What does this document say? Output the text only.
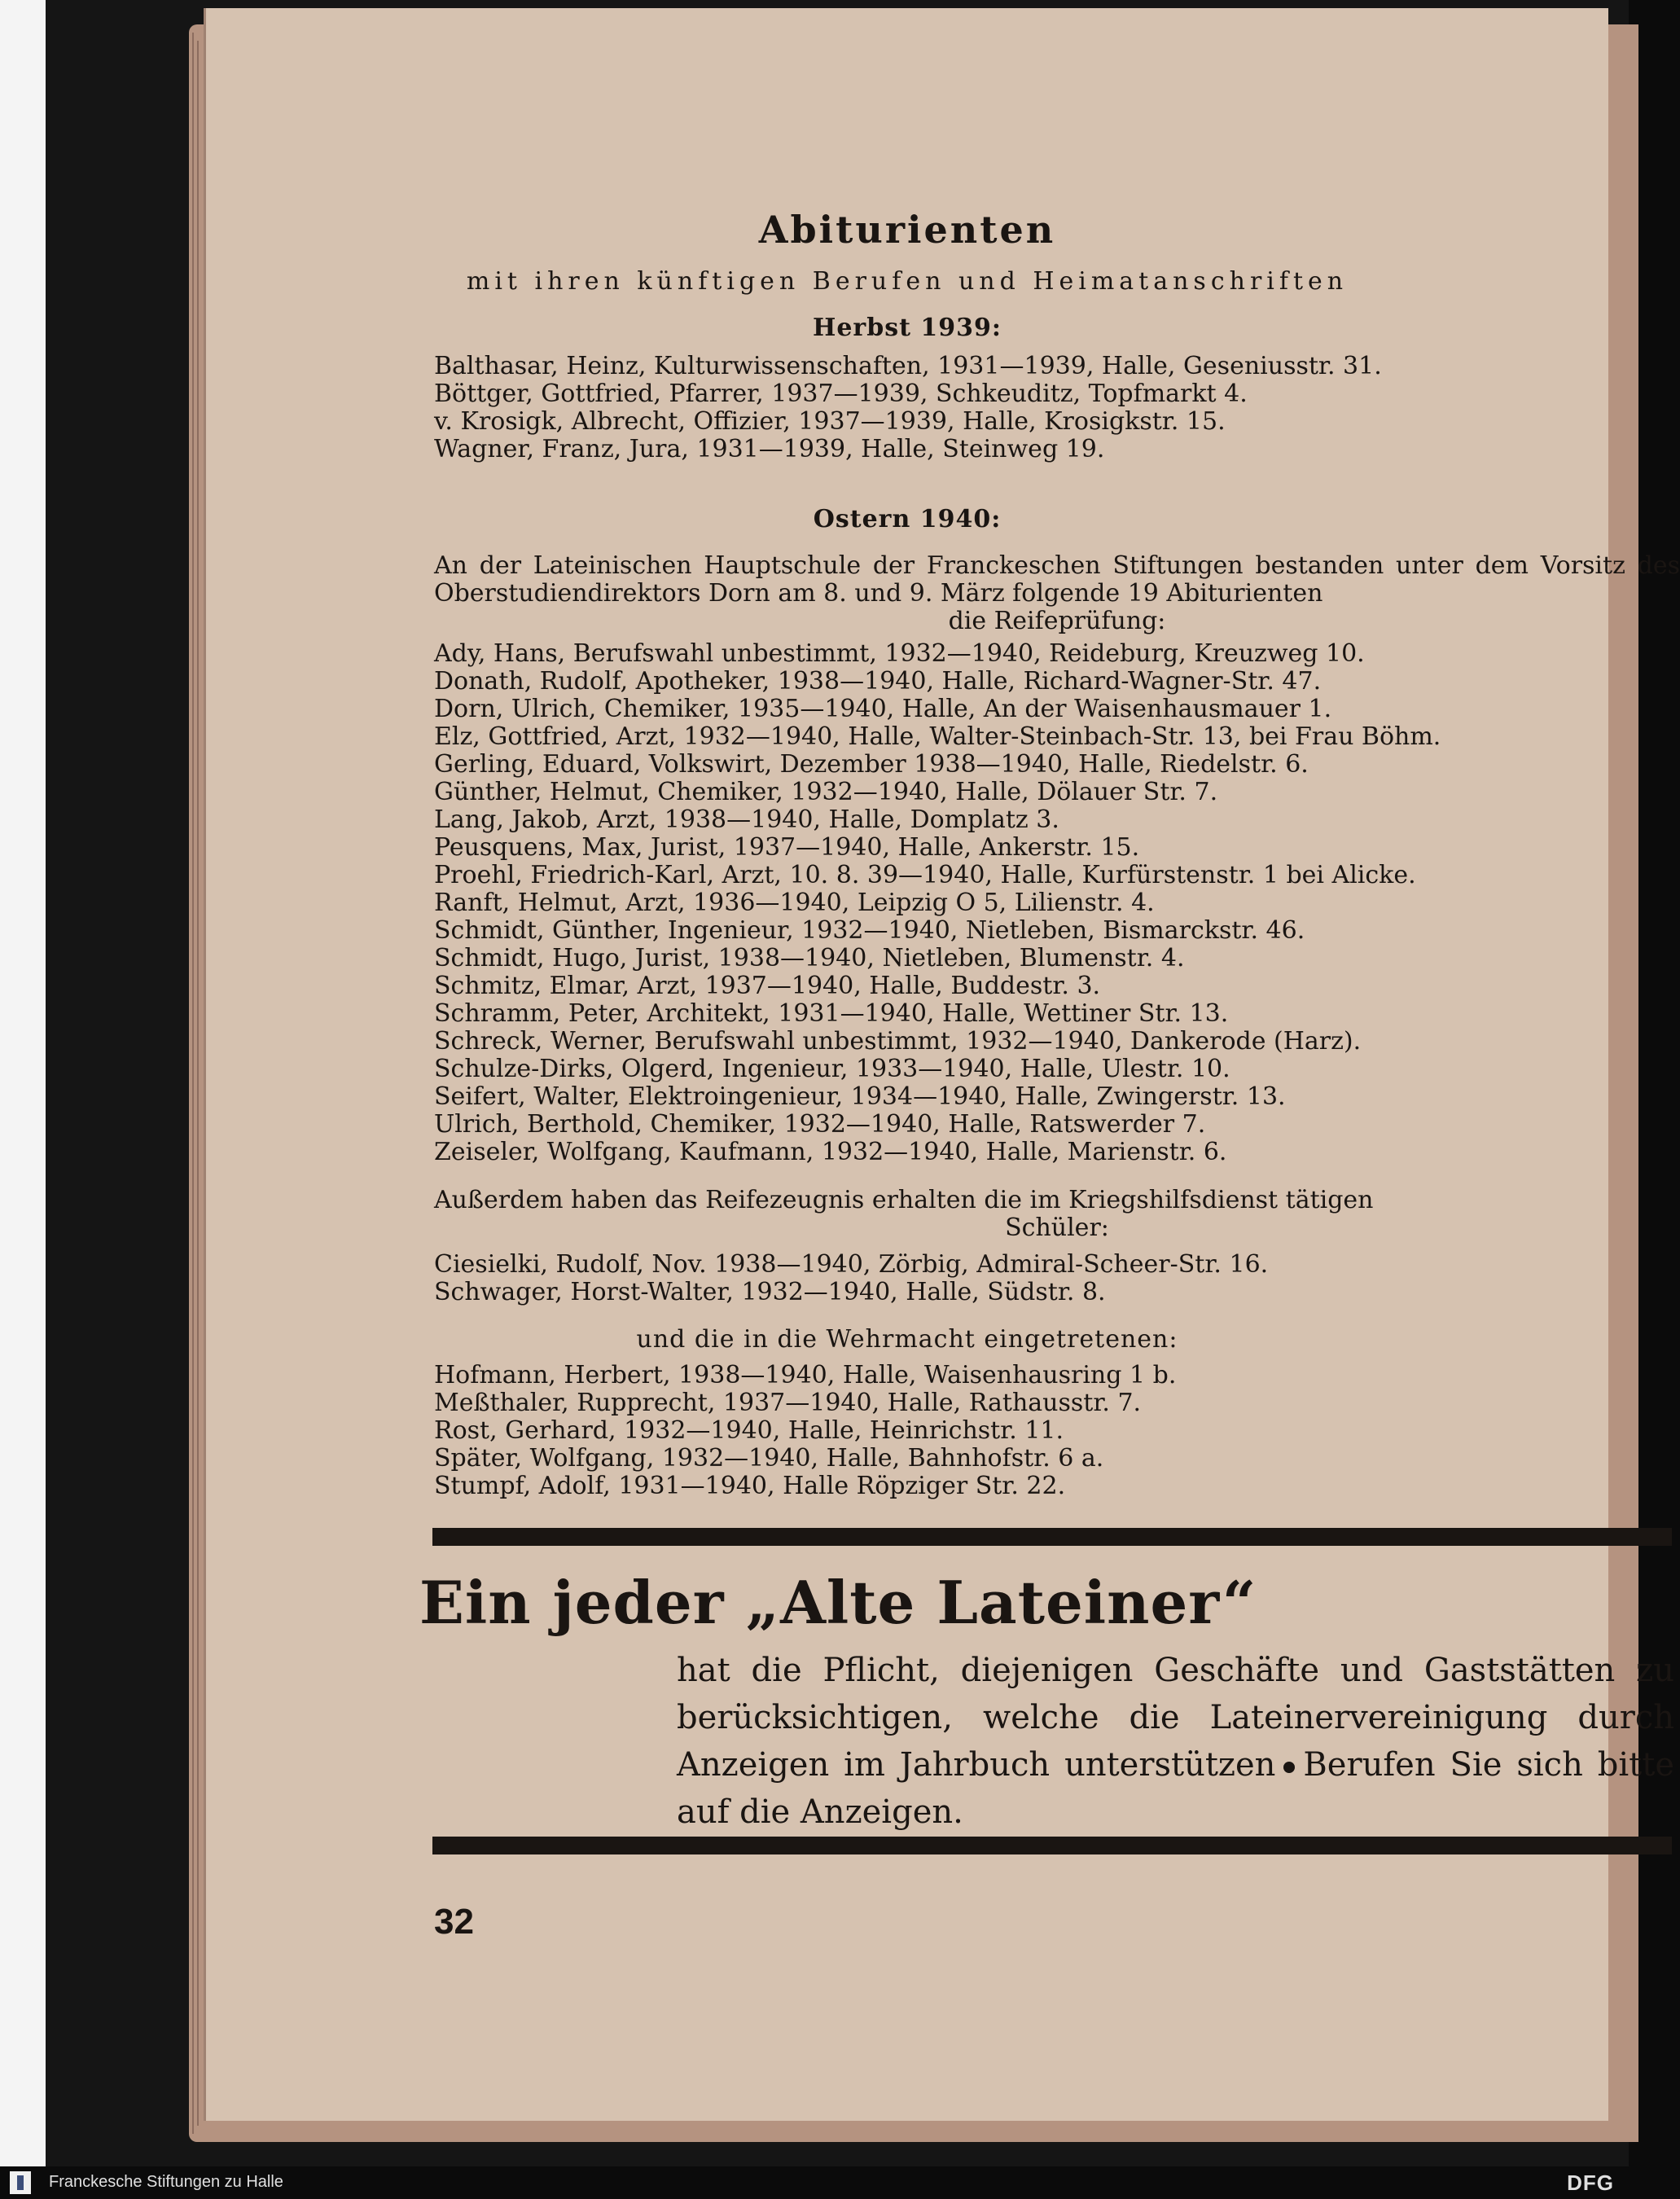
Abiturienten
mit ihren künftigen Berufen und Heimatanschriften
Herbst 1939:
Balthasar, Heinz, Kulturwissenschaften, 1931—1939, Halle, Geseniusstr. 31.
Böttger, Gottfried, Pfarrer, 1937—1939, Schkeuditz, Topfmarkt 4.
v. Krosigk, Albrecht, Offizier, 1937—1939, Halle, Krosigkstr. 15.
Wagner, Franz, Jura, 1931—1939, Halle, Steinweg 19.
Ostern 1940:
An der Lateinischen Hauptschule der Franckeschen Stiftungen bestanden unter dem Vorsitz des Oberstudiendirektors Dorn am 8. und 9. März folgende 19 Abiturienten
die Reifeprüfung:
Ady, Hans, Berufswahl unbestimmt, 1932—1940, Reideburg, Kreuzweg 10.
Donath, Rudolf, Apotheker, 1938—1940, Halle, Richard-Wagner-Str. 47.
Dorn, Ulrich, Chemiker, 1935—1940, Halle, An der Waisenhausmauer 1.
Elz, Gottfried, Arzt, 1932—1940, Halle, Walter-Steinbach-Str. 13, bei Frau Böhm.
Gerling, Eduard, Volkswirt, Dezember 1938—1940, Halle, Riedelstr. 6.
Günther, Helmut, Chemiker, 1932—1940, Halle, Dölauer Str. 7.
Lang, Jakob, Arzt, 1938—1940, Halle, Domplatz 3.
Peusquens, Max, Jurist, 1937—1940, Halle, Ankerstr. 15.
Proehl, Friedrich-Karl, Arzt, 10. 8. 39—1940, Halle, Kurfürstenstr. 1 bei Alicke.
Ranft, Helmut, Arzt, 1936—1940, Leipzig O 5, Lilienstr. 4.
Schmidt, Günther, Ingenieur, 1932—1940, Nietleben, Bismarckstr. 46.
Schmidt, Hugo, Jurist, 1938—1940, Nietleben, Blumenstr. 4.
Schmitz, Elmar, Arzt, 1937—1940, Halle, Buddestr. 3.
Schramm, Peter, Architekt, 1931—1940, Halle, Wettiner Str. 13.
Schreck, Werner, Berufswahl unbestimmt, 1932—1940, Dankerode (Harz).
Schulze-Dirks, Olgerd, Ingenieur, 1933—1940, Halle, Ulestr. 10.
Seifert, Walter, Elektroingenieur, 1934—1940, Halle, Zwingerstr. 13.
Ulrich, Berthold, Chemiker, 1932—1940, Halle, Ratswerder 7.
Zeiseler, Wolfgang, Kaufmann, 1932—1940, Halle, Marienstr. 6.
Außerdem haben das Reifezeugnis erhalten die im Kriegshilfsdienst tätigen
Schüler:
Ciesielki, Rudolf, Nov. 1938—1940, Zörbig, Admiral-Scheer-Str. 16.
Schwager, Horst-Walter, 1932—1940, Halle, Südstr. 8.
und die in die Wehrmacht eingetretenen:
Hofmann, Herbert, 1938—1940, Halle, Waisenhausring 1 b.
Meßthaler, Rupprecht, 1937—1940, Halle, Rathausstr. 7.
Rost, Gerhard, 1932—1940, Halle, Heinrichstr. 11.
Später, Wolfgang, 1932—1940, Halle, Bahnhofstr. 6 a.
Stumpf, Adolf, 1931—1940, Halle Röpziger Str. 22.
Ein jeder „Alte Lateiner“
hat die Pflicht, diejenigen Geschäfte und Gaststätten zu berücksichtigen, welche die Lateinervereinigung durch Anzeigen im Jahrbuch unterstützen Berufen Sie sich bitte auf die Anzeigen.
32
Franckesche Stiftungen zu Halle	DFG
